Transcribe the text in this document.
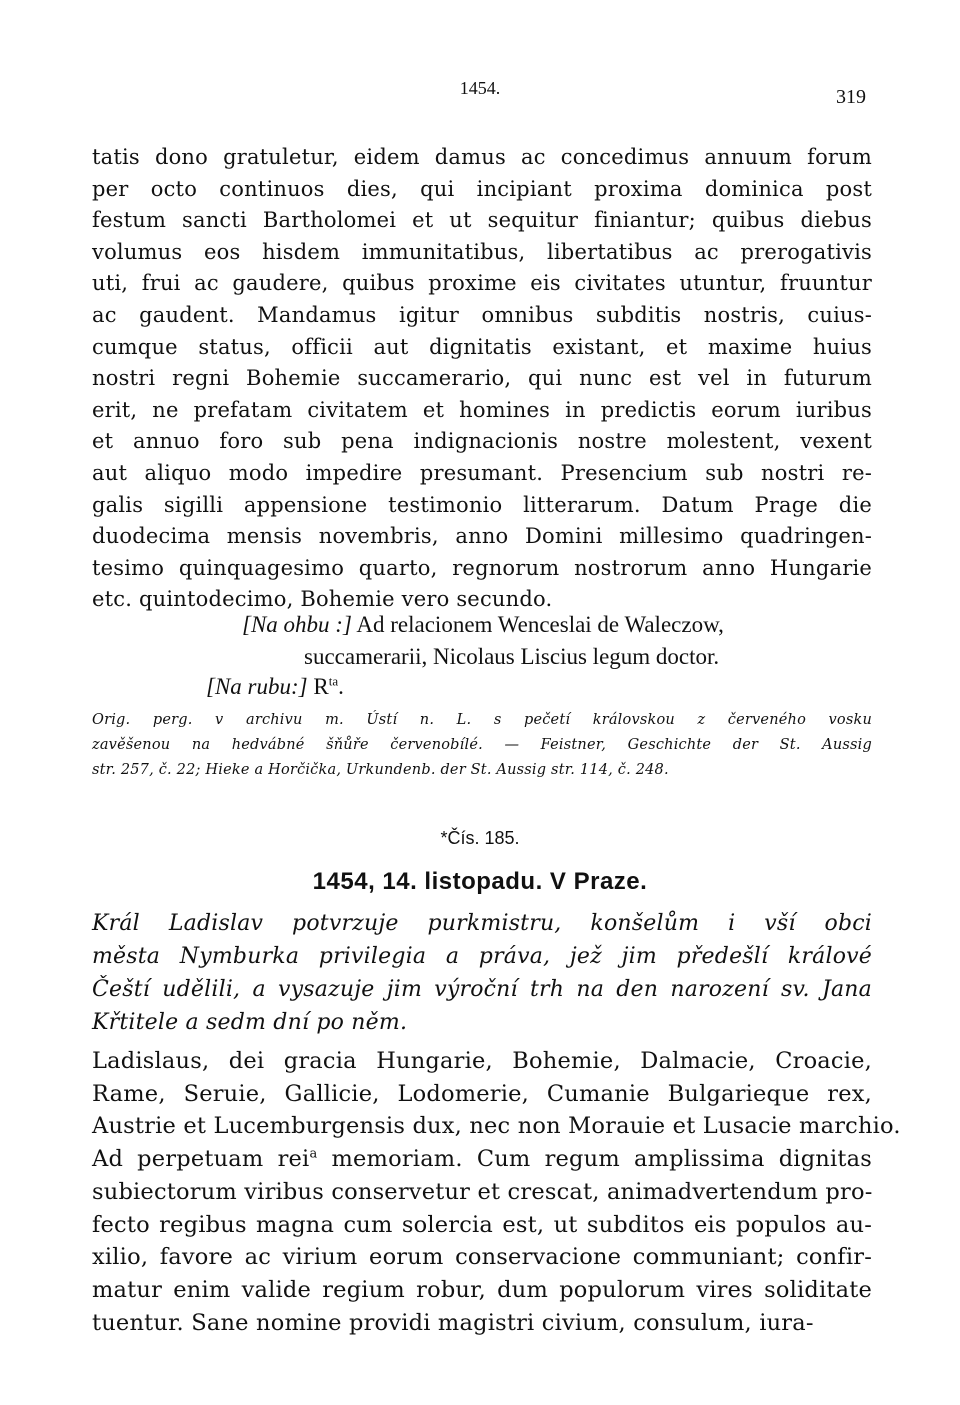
1454.	319
tatis dono gratuletur, eidem damus ac concedimus annuum forum
per octo continuos dies, qui incipiant proxima dominica post
festum sancti Bartholomei et ut sequitur finiantur; quibus diebus
volumus eos hisdem immunitatibus, libertatibus ac prerogativis
uti, frui ac gaudere, quibus proxime eis civitates utuntur, fruuntur
ac gaudent. Mandamus igitur omnibus subditis nostris, cuius-
cumque status, officii aut dignitatis existant, et maxime huius
nostri regni Bohemie succamerario, qui nunc est vel in futurum
erit, ne prefatam civitatem et homines in predictis eorum iuribus
et annuo foro sub pena indignacionis nostre molestent, vexent
aut aliquo modo impedire presumant. Presencium sub nostri re-
galis sigilli appensione testimonio litterarum. Datum Prage die
duodecima mensis novembris, anno Domini millesimo quadringen-
tesimo quinquagesimo quarto, regnorum nostrorum anno Hungarie
etc. quintodecimo, Bohemie vero secundo.
[Na ohbu :] Ad relacionem Wenceslai de Waleczow,
succamerarii, Nicolaus Liscius legum doctor.
[Na rubu:] $R^{ta}$.
Orig. perg. v archivu m. Ústí n. L. s pečetí královskou z červeného vosku
zavěšenou na hedvábné šňůře červenobílé. — Feistner, Geschichte der St. Aussig
str. 257, č. 22; Hieke a Horčička, Urkundenb. der St. Aussig str. 114, č. 248.
*Čís. 185.
1454, 14. listopadu. V Praze.
Král Ladislav potvrzuje purkmistru, konšelům i vší obci
města Nymburka privilegia a práva, jež jim předešlí králové
Čeští udělili, a vysazuje jim výroční trh na den narození sv. Jana
Křtitele a sedm dní po něm.
Ladislaus, dei gracia Hungarie, Bohemie, Dalmacie, Croacie,
Rame, Seruie, Gallicie, Lodomerie, Cumanie Bulgarieque rex,
Austrie et Lucemburgensis dux, nec non Morauie et Lusacie marchio.
Ad perpetuam rei$^a$ memoriam. Cum regum amplissima dignitas
subiectorum viribus conservetur et crescat, animadvertendum pro-
fecto regibus magna cum solercia est, ut subditos eis populos au-
xilio, favore ac virium eorum conservacione communiant; confir-
matur enim valide regium robur, dum populorum vires soliditate
tuentur. Sane nomine providi magistri civium, consulum, iura-
